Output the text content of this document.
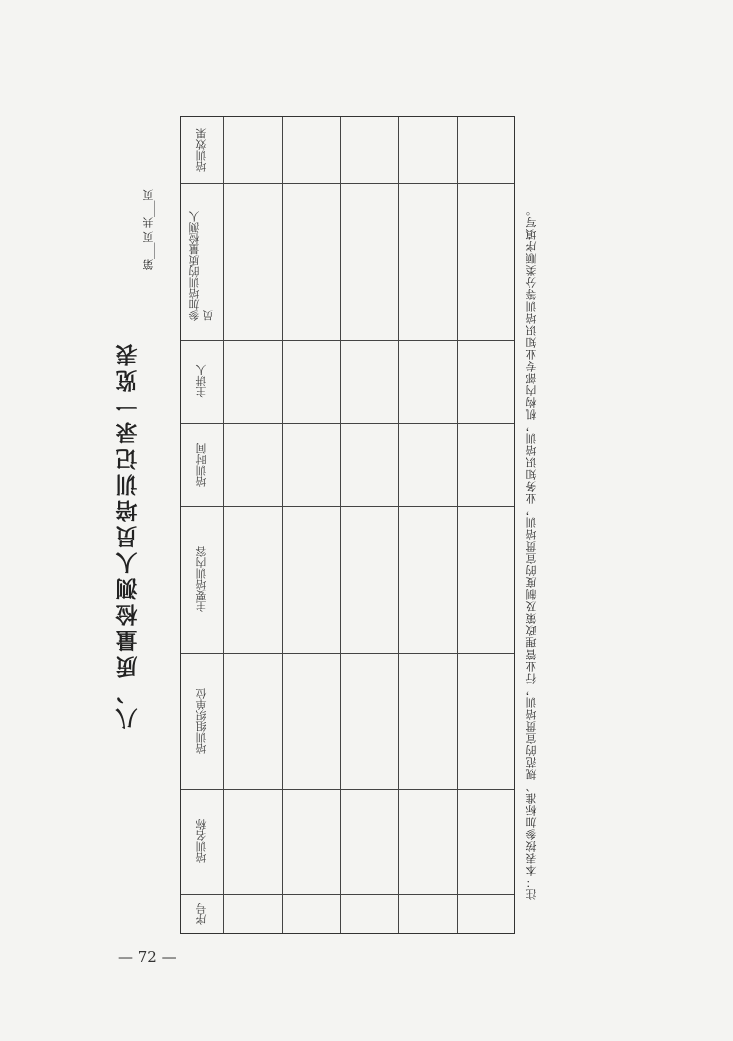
八、质量检测人员培训记录一览表
第___页 共___页
培训效果
参加培训的质量检测人员
主讲人
培训时间
主要培训内容
培训组织单位
培训名称
序号
注：本表按参加标准、规范的宣贯培训，行业管理政策及制度的宣贯培训，业务知识培训，机构内部专业知识培训等分类顺序填写。
— 72 —
